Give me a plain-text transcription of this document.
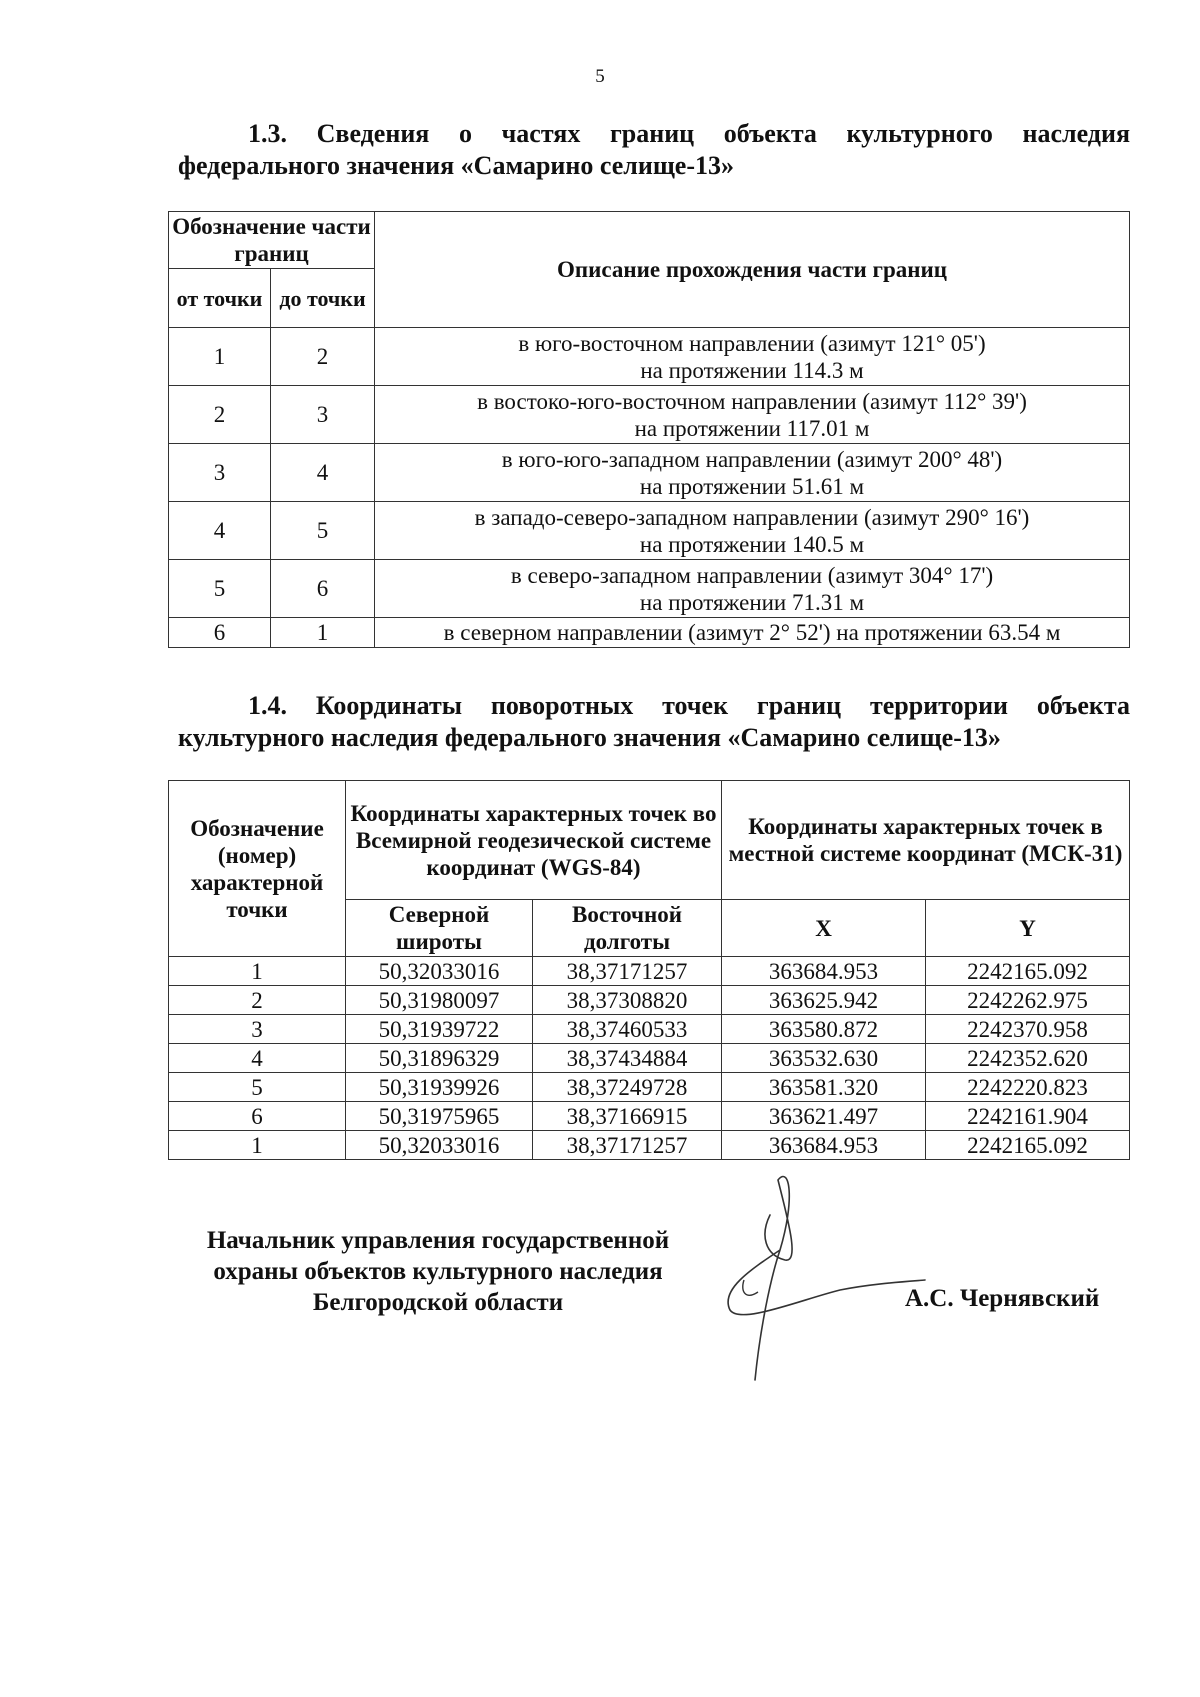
5
1.3. Сведения о частях границ объекта культурного наследия федерального значения «Самарино селище-13»
Обозначение части границ		Описание прохождения части границ
от точки	до точки	
1	2	в юго-восточном направлении (азимут 121° 05')
на протяжении 114.3 м

2	3	в востоко-юго-восточном направлении (азимут 112° 39')
на протяжении 117.01 м

3	4	в юго-юго-западном направлении (азимут 200° 48')
на протяжении 51.61 м

4	5	в западо-северо-западном направлении (азимут 290° 16')
на протяжении 140.5 м

5	6	в северо-западном направлении (азимут 304° 17')
на протяжении 71.31 м

6	1	в северном направлении (азимут 2° 52') на протяжении 63.54 м
1.4. Координаты поворотных точек границ территории объекта культурного наследия федерального значения «Самарино селище-13»
Обозначение (номер) характерной точки	Координаты характерных точек во Всемирной геодезической системе координат (WGS-84)		Координаты характерных точек в местной системе координат (МСК-31)	
	Северной широты	Восточной долготы	X	Y
1	50,32033016	38,37171257	363684.953	2242165.092
2	50,31980097	38,37308820	363625.942	2242262.975
3	50,31939722	38,37460533	363580.872	2242370.958
4	50,31896329	38,37434884	363532.630	2242352.620
5	50,31939926	38,37249728	363581.320	2242220.823
6	50,31975965	38,37166915	363621.497	2242161.904
1	50,32033016	38,37171257	363684.953	2242165.092
Начальник управления государственной
охраны объектов культурного наследия
Белгородской области	А.С. Чернявский
